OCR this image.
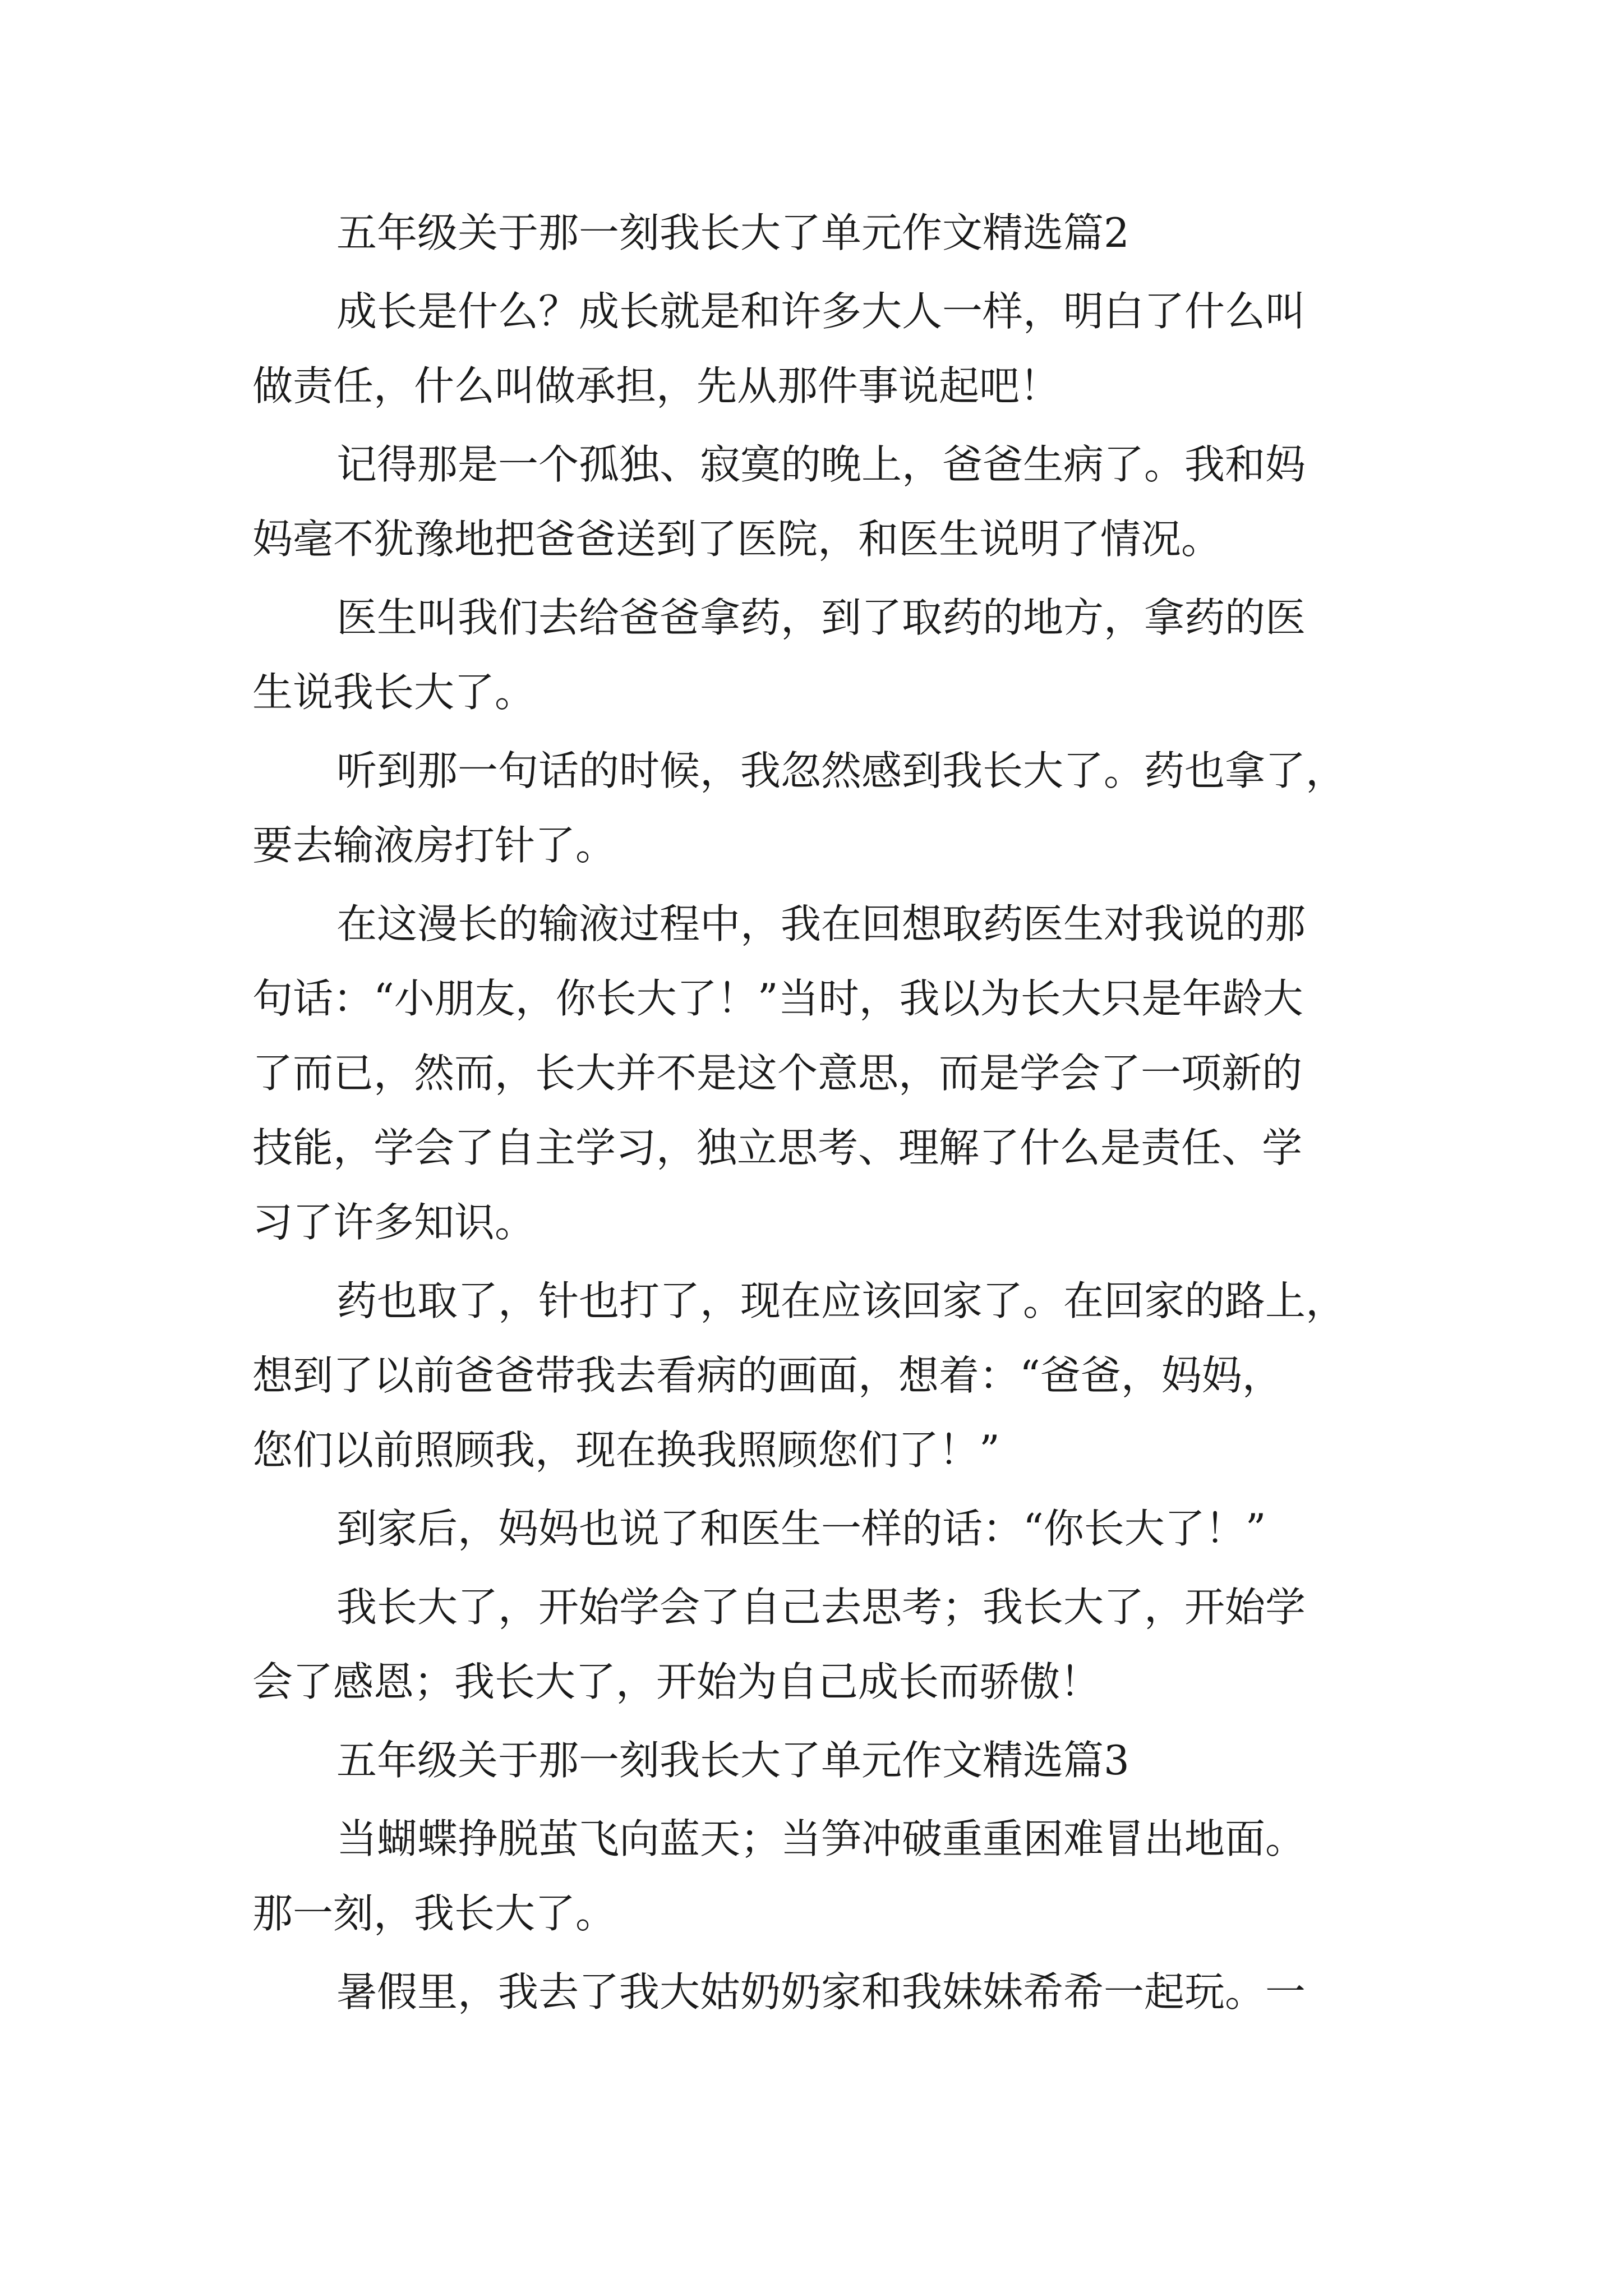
五年级关于那一刻我长大了单元作文精选篇2
成长是什么？成长就是和许多大人一样，明白了什么叫
做责任，什么叫做承担，先从那件事说起吧！
记得那是一个孤独、寂寞的晚上，爸爸生病了。我和妈
妈毫不犹豫地把爸爸送到了医院，和医生说明了情况。
医生叫我们去给爸爸拿药，到了取药的地方，拿药的医
生说我长大了。
听到那一句话的时候，我忽然感到我长大了。药也拿了，
要去输液房打针了。
在这漫长的输液过程中，我在回想取药医生对我说的那
句话：“小朋友，你长大了！”当时，我以为长大只是年龄大
了而已，然而，长大并不是这个意思，而是学会了一项新的
技能，学会了自主学习，独立思考、理解了什么是责任、学
习了许多知识。
药也取了，针也打了，现在应该回家了。在回家的路上，
想到了以前爸爸带我去看病的画面，想着：“爸爸，妈妈，
您们以前照顾我，现在换我照顾您们了！”
到家后，妈妈也说了和医生一样的话：“你长大了！”
我长大了，开始学会了自己去思考；我长大了，开始学
会了感恩；我长大了，开始为自己成长而骄傲！
五年级关于那一刻我长大了单元作文精选篇3
当蝴蝶挣脱茧飞向蓝天；当笋冲破重重困难冒出地面。
那一刻，我长大了。
暑假里，我去了我大姑奶奶家和我妹妹希希一起玩。一
